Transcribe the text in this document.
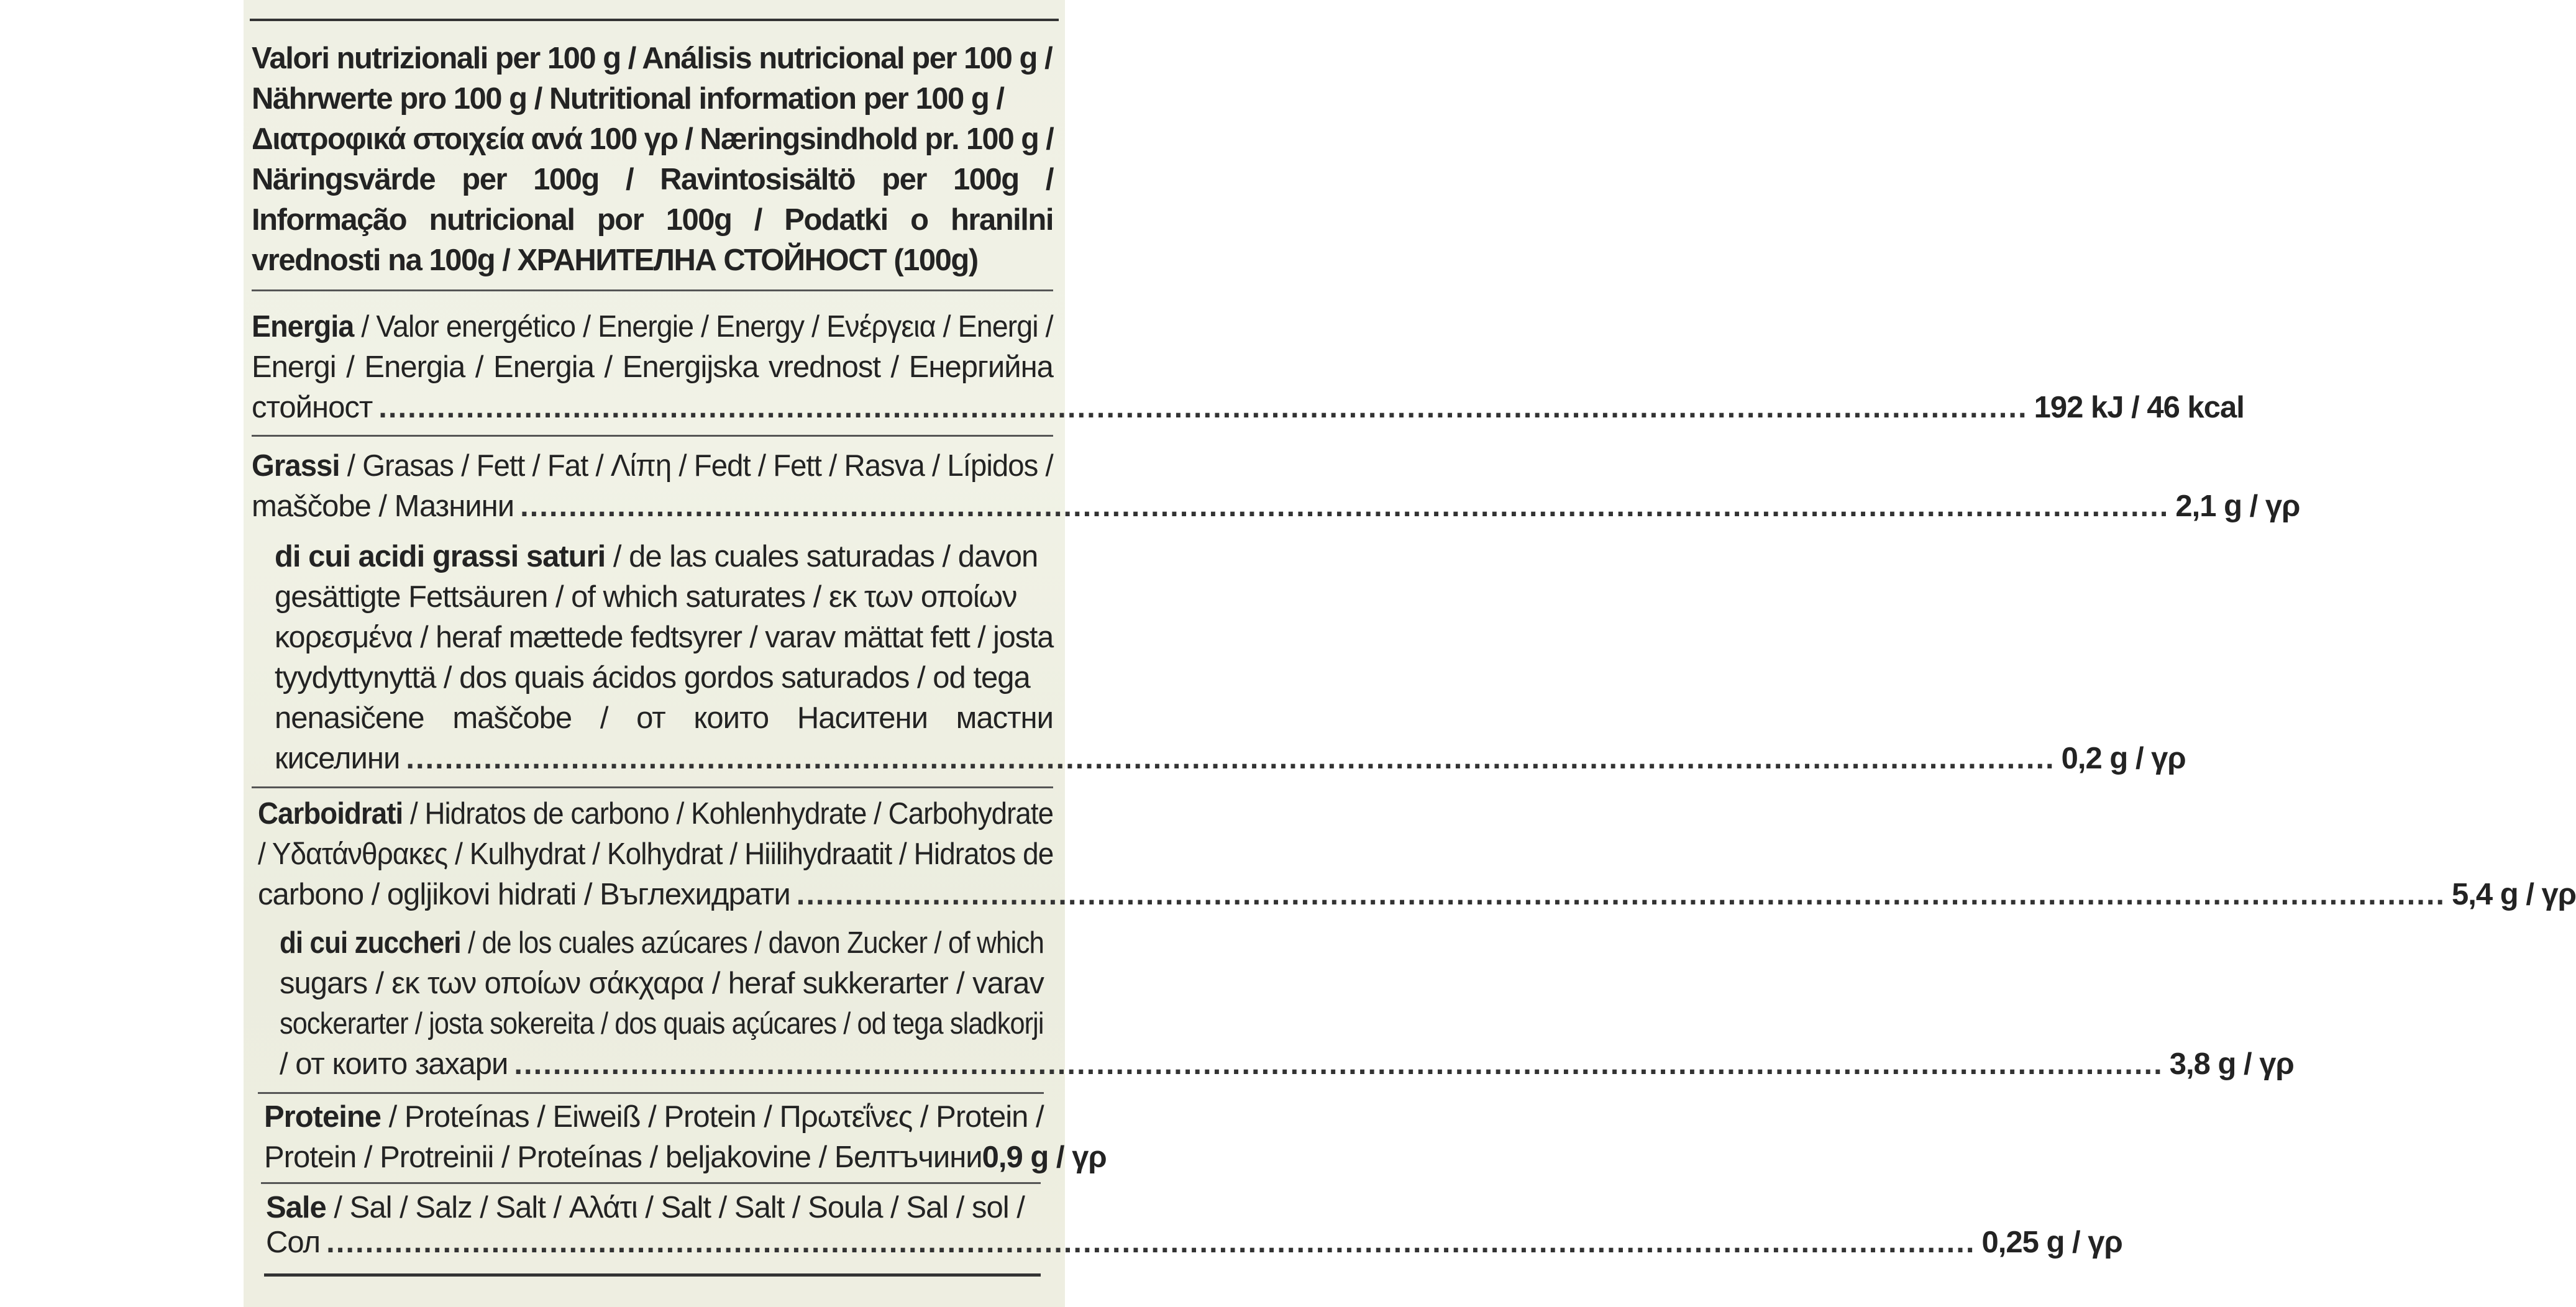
Valori nutrizionali per 100 g / Análisis nutricional per 100 g /
Nährwerte pro 100 g / Nutritional information per 100 g /
Διατροφικά στοιχεία ανά 100 γρ / Næringsindhold pr. 100 g /
Näringsvärde per 100g / Ravintosisältö per 100g /
Informação nutricional por 100g / Podatki o hranilni
vrednosti na 100g / ХРАНИТЕЛНА СТОЙНОСТ (100g)
Energia / Valor energético / Energie / Energy / Ενέργεια / Energi /
Energi / Energia / Energia / Energijska vrednost / Енергийна
стойност .......................................................................................................................................................................... 192 kJ / 46 kcal
Grassi / Grasas / Fett / Fat / Λίπη / Fedt / Fett / Rasva / Lípidos /
maščobe / Мазнини .......................................................................................................................................................................... 2,1 g / γρ
di cui acidi grassi saturi / de las cuales saturadas / davon
gesättigte Fettsäuren / of which saturates / εκ των οποίων
κορεσμένα / heraf mættede fedtsyrer / varav mättat fett / josta
tyydyttynyttä / dos quais ácidos gordos saturados / od tega
nenasičene maščobe / от които Наситени мастни
киселини .......................................................................................................................................................................... 0,2 g / γρ
Carboidrati / Hidratos de carbono / Kohlenhydrate / Carbohydrate
/ Υδατάνθρακες / Kulhydrat / Kolhydrat / Hiilihydraatit / Hidratos de
carbono / ogljikovi hidrati / Въглехидрати .......................................................................................................................................................................... 5,4 g / γρ
di cui zuccheri / de los cuales azúcares / davon Zucker / of which
sugars / εκ των οποίων σάκχαρα / heraf sukkerarter / varav
sockerarter / josta sokereita / dos quais açúcares / od tega sladkorji
/ от които захари .......................................................................................................................................................................... 3,8 g / γρ
Proteine / Proteínas / Eiweiß / Protein / Πρωτεΐνες / Protein /
Protein / Protreinii / Proteínas / beljakovine / Белтъчини 0,9 g / γρ
Sale / Sal / Salz / Salt / Αλάτι / Salt / Salt / Soula / Sal / sol /
Сол .......................................................................................................................................................................... 0,25 g / γρ
